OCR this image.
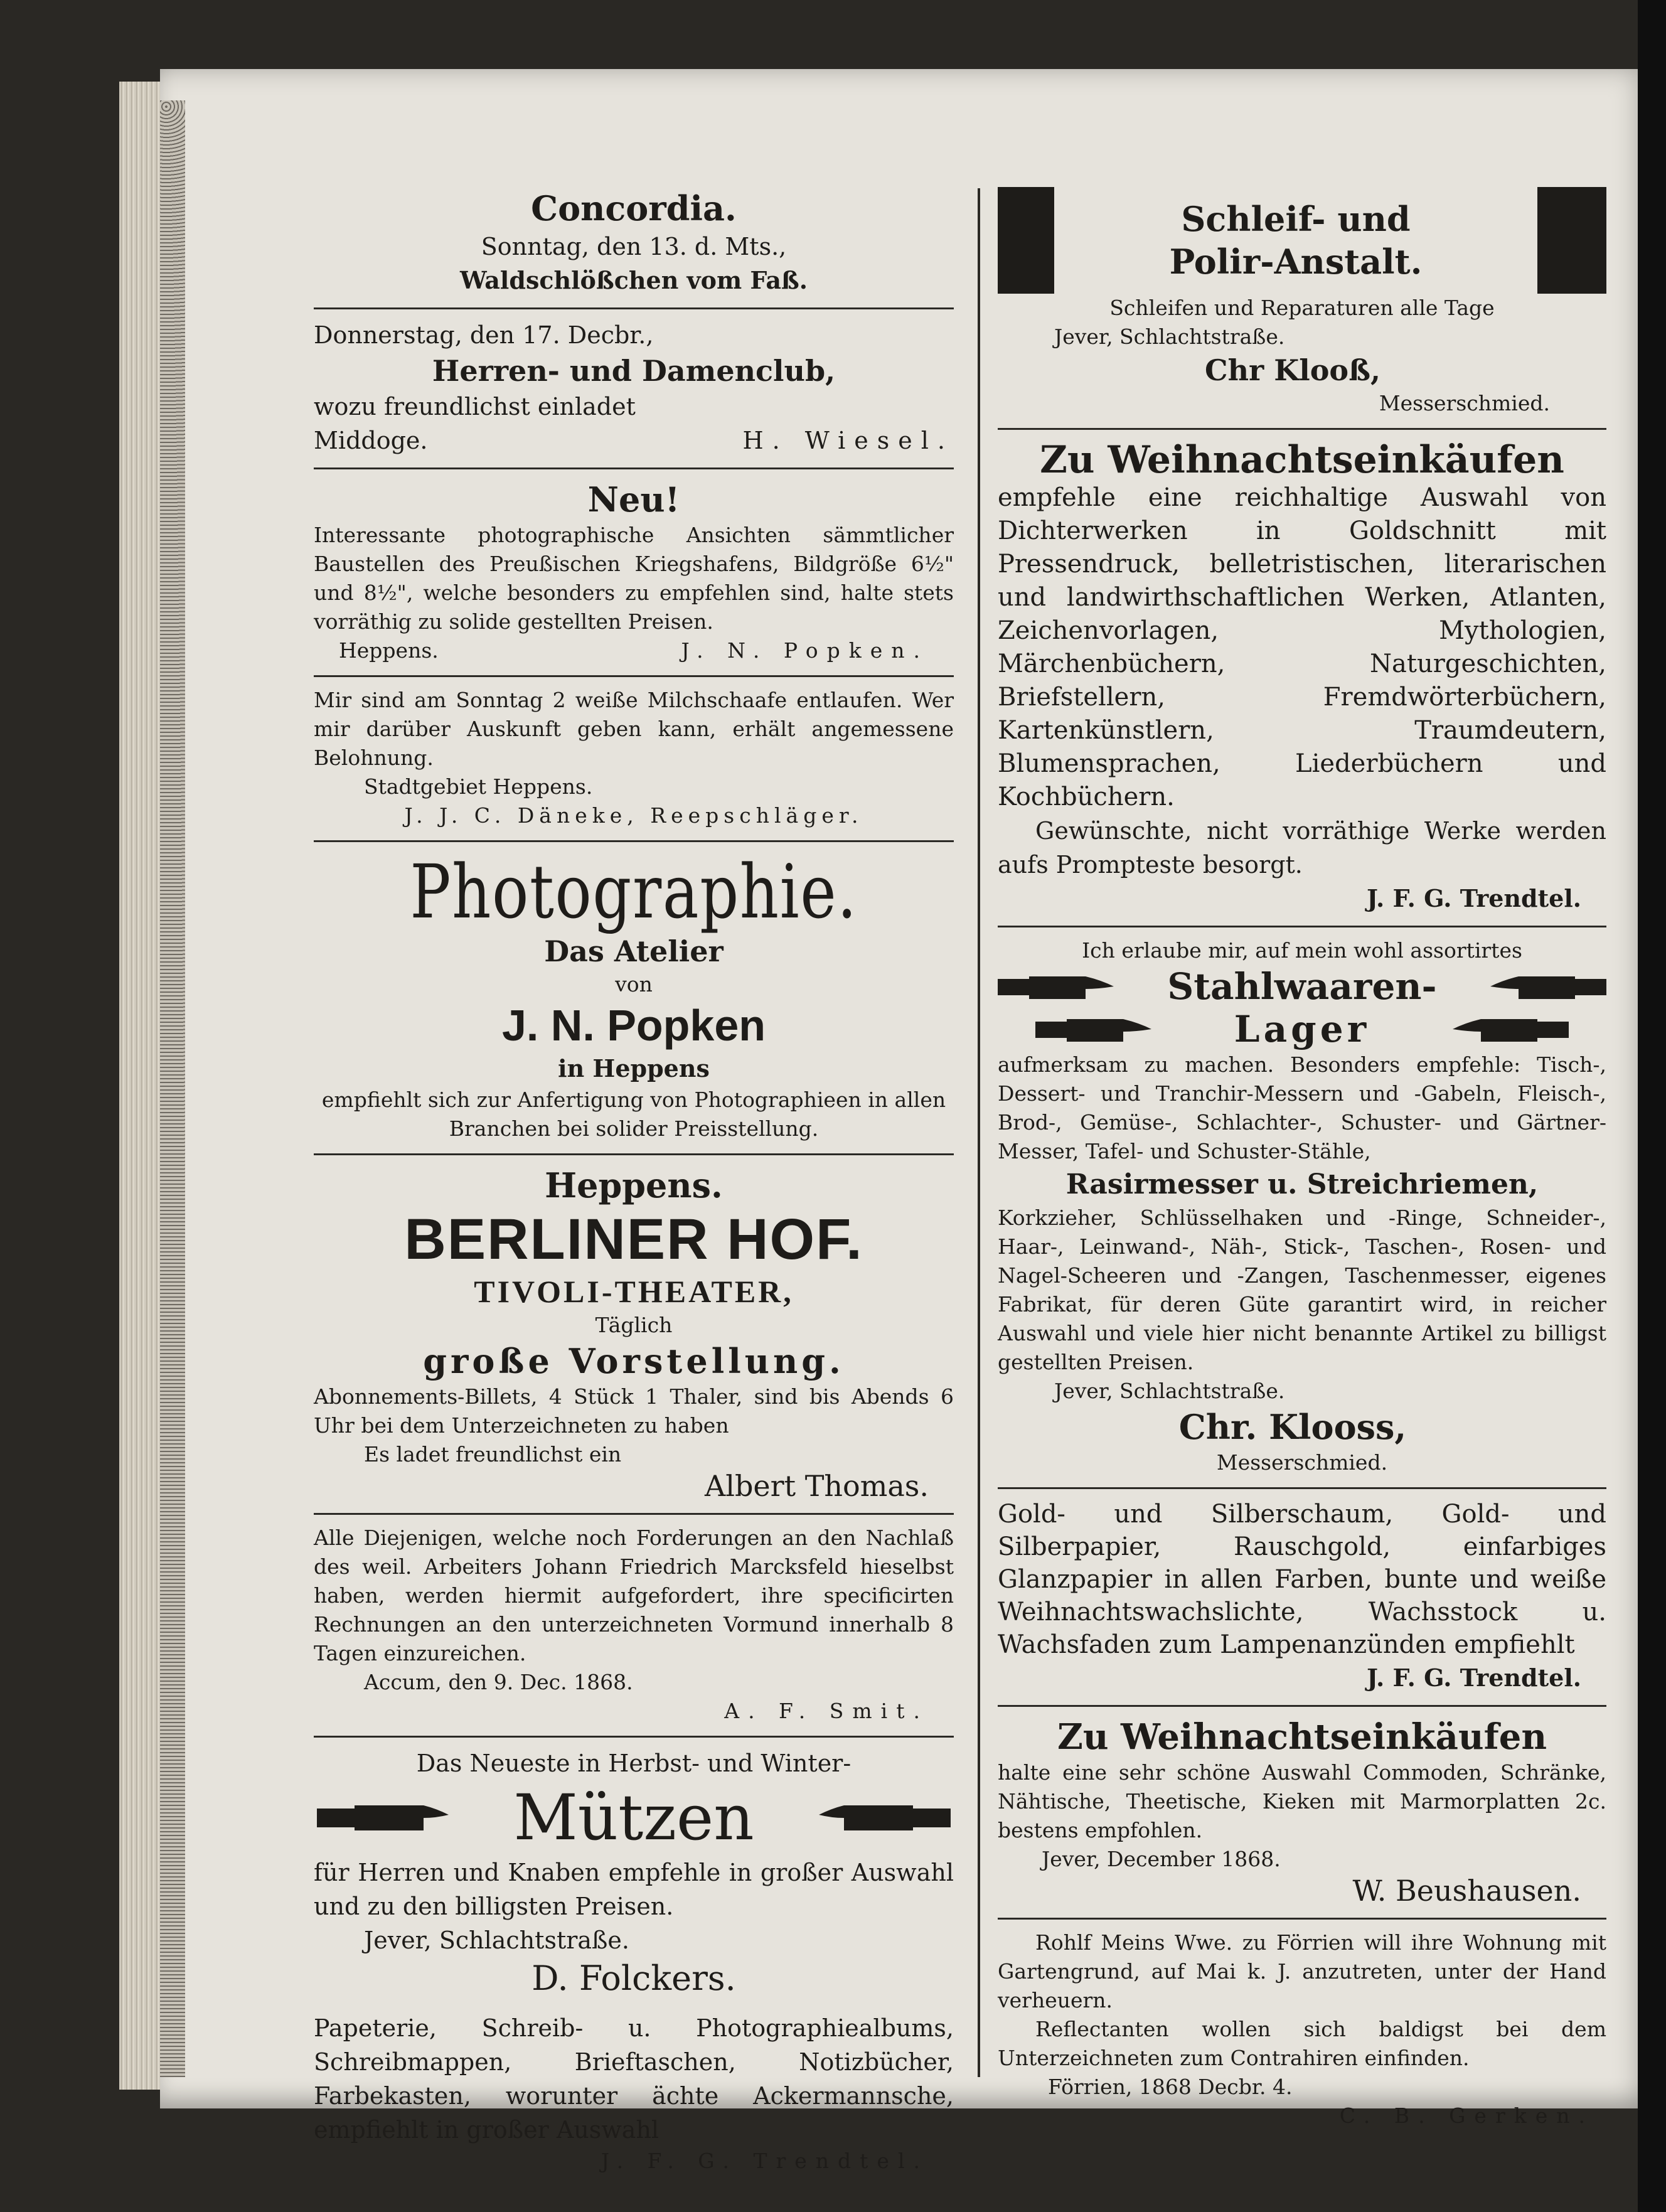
Concordia.
Sonntag, den 13. d. Mts.,
Waldschlößchen vom Faß.
Donnerstag, den 17. Decbr.,
Herren- und Damenclub,
wozu freundlichst einladet
Middoge.	H. Wiesel.
Neu!
Interessante photographische Ansichten sämmtlicher Baustellen des Preußischen Kriegshafens, Bildgröße 6½" und 8½", welche besonders zu empfehlen sind, halte stets vorräthig zu solide gestellten Preisen.
Heppens.	J. N. Popken.
Mir sind am Sonntag 2 weiße Milchschaafe entlaufen. Wer mir darüber Auskunft geben kann, erhält angemessene Belohnung.
Stadtgebiet Heppens.
J. J. C. Däneke, Reepschläger.
Photographie.
Das Atelier
von
J. N. Popken
in Heppens
empfiehlt sich zur Anfertigung von Photographieen in allen Branchen bei solider Preisstellung.
Heppens.
BERLINER HOF.
TIVOLI-THEATER,
Täglich
große Vorstellung.
Abonnements-Billets, 4 Stück 1 Thaler, sind bis Abends 6 Uhr bei dem Unterzeichneten zu haben
Es ladet freundlichst ein
Albert Thomas.
Alle Diejenigen, welche noch Forderungen an den Nachlaß des weil. Arbeiters Johann Friedrich Marcksfeld hieselbst haben, werden hiermit aufgefordert, ihre specificirten Rechnungen an den unterzeichneten Vormund innerhalb 8 Tagen einzureichen.
Accum, den 9. Dec. 1868.
A. F. Smit.
Das Neueste in Herbst- und Winter-
Mützen
für Herren und Knaben empfehle in großer Auswahl und zu den billigsten Preisen.
Jever, Schlachtstraße.
D. Folckers.
Papeterie, Schreib- u. Photographiealbums, Schreibmappen, Brieftaschen, Notizbücher, Farbekasten, worunter ächte Ackermannsche, empfiehlt in großer Auswahl
J. F. G. Trendtel.
Schleif- und
Polir-Anstalt.
Schleifen und Reparaturen alle Tage
Jever, Schlachtstraße.
Chr Klooß,
Messerschmied.
Zu Weihnachtseinkäufen
empfehle eine reichhaltige Auswahl von Dichterwerken in Goldschnitt mit Pressendruck, belletristischen, literarischen und landwirthschaftlichen Werken, Atlanten, Zeichenvorlagen, Mythologien, Märchenbüchern, Naturgeschichten, Briefstellern, Fremdwörterbüchern, Kartenkünstlern, Traumdeutern, Blumensprachen, Liederbüchern und Kochbüchern.
Gewünschte, nicht vorräthige Werke werden aufs Prompteste besorgt.
J. F. G. Trendtel.
Ich erlaube mir, auf mein wohl assortirtes
Stahlwaaren-
Lager
aufmerksam zu machen. Besonders empfehle: Tisch-, Dessert- und Tranchir-Messern und -Gabeln, Fleisch-, Brod-, Gemüse-, Schlachter-, Schuster- und Gärtner-Messer, Tafel- und Schuster-Stähle,
Rasirmesser u. Streichriemen,
Korkzieher, Schlüsselhaken und -Ringe, Schneider-, Haar-, Leinwand-, Näh-, Stick-, Taschen-, Rosen- und Nagel-Scheeren und -Zangen, Taschenmesser, eigenes Fabrikat, für deren Güte garantirt wird, in reicher Auswahl und viele hier nicht benannte Artikel zu billigst gestellten Preisen.
Jever, Schlachtstraße.
Chr. Klooss,
Messerschmied.
Gold- und Silberschaum, Gold- und Silberpapier, Rauschgold, einfarbiges Glanzpapier in allen Farben, bunte und weiße Weihnachtswachslichte, Wachsstock u. Wachsfaden zum Lampenanzünden empfiehlt
J. F. G. Trendtel.
Zu Weihnachtseinkäufen
halte eine sehr schöne Auswahl Commoden, Schränke, Nähtische, Theetische, Kieken mit Marmorplatten 2c. bestens empfohlen.
Jever, December 1868.
W. Beushausen.
Rohlf Meins Wwe. zu Förrien will ihre Wohnung mit Gartengrund, auf Mai k. J. anzutreten, unter der Hand verheuern.
Reflectanten wollen sich baldigst bei dem Unterzeichneten zum Contrahiren einfinden.
Förrien, 1868 Decbr. 4.
C. B. Gerken.
